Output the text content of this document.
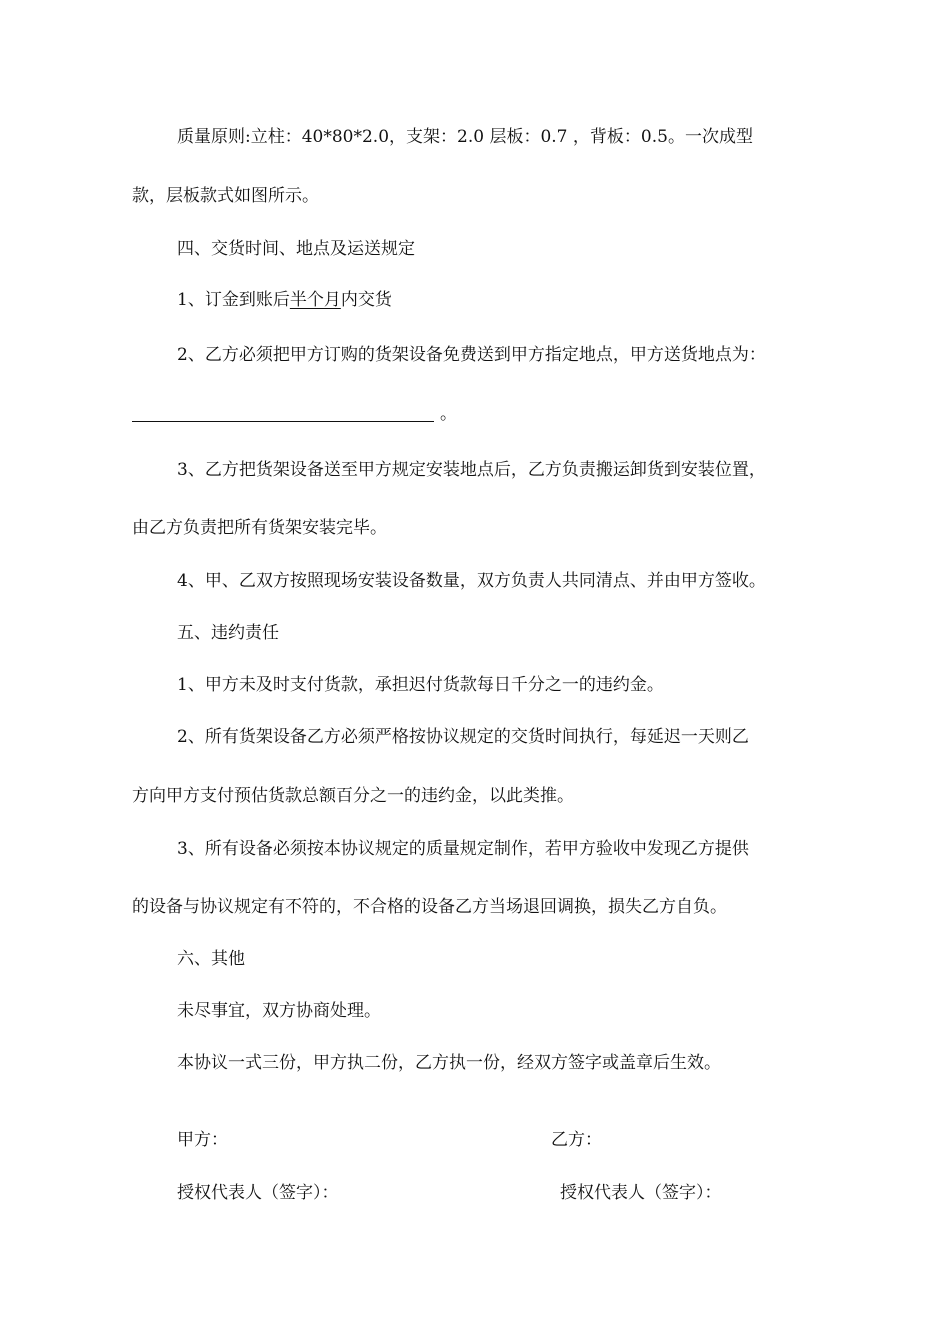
质量原则:立柱：40*80*2.0，支架：2.0 层板：0.7 ，背板：0.5。一次成型
款，层板款式如图所示。
四、交货时间、地点及运送规定
1、订金到账后半个月内交货
2、乙方必须把甲方订购的货架设备免费送到甲方指定地点，甲方送货地点为：
。
3、乙方把货架设备送至甲方规定安装地点后，乙方负责搬运卸货到安装位置，
由乙方负责把所有货架安装完毕。
4、甲、乙双方按照现场安装设备数量，双方负责人共同清点、并由甲方签收。
五、违约责任
1、甲方未及时支付货款，承担迟付货款每日千分之一的违约金。
2、所有货架设备乙方必须严格按协议规定的交货时间执行，每延迟一天则乙
方向甲方支付预估货款总额百分之一的违约金，以此类推。
3、所有设备必须按本协议规定的质量规定制作，若甲方验收中发现乙方提供
的设备与协议规定有不符的，不合格的设备乙方当场退回调换，损失乙方自负。
六、其他
未尽事宜，双方协商处理。
本协议一式三份，甲方执二份，乙方执一份，经双方签字或盖章后生效。
甲方：	乙方：
授权代表人（签字）：	授权代表人（签字）：
